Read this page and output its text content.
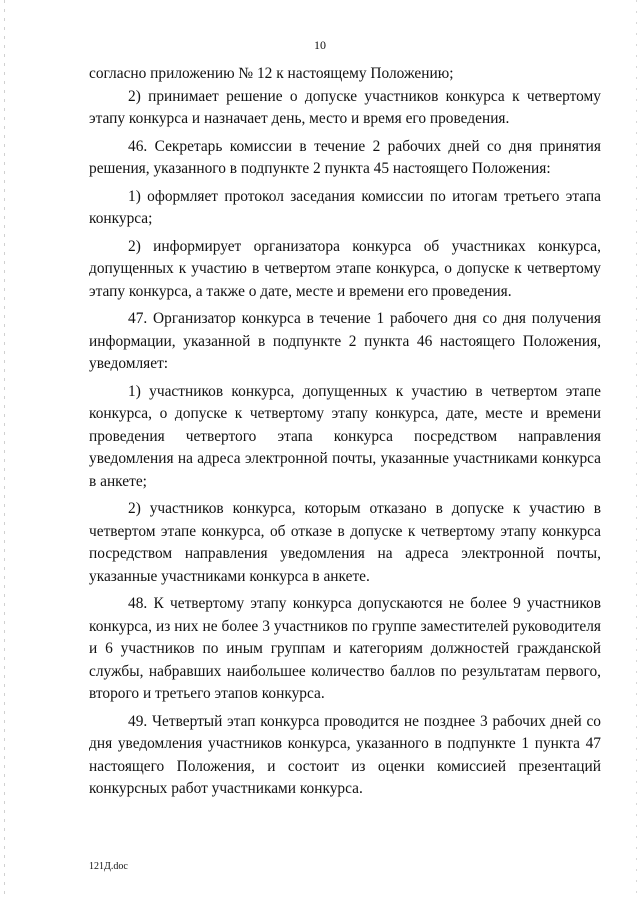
10

согласно приложению № 12 к настоящему Положению;

2) принимает решение о допуске участников конкурса к четвертому этапу конкурса и назначает день, место и время его проведения.

46. Секретарь комиссии в течение 2 рабочих дней со дня принятия решения, указанного в подпункте 2 пункта 45 настоящего Положения:

1) оформляет протокол заседания комиссии по итогам третьего этапа конкурса;

2) информирует организатора конкурса об участниках конкурса, допущенных к участию в четвертом этапе конкурса, о допуске к четвертому этапу конкурса, а также о дате, месте и времени его проведения.

47. Организатор конкурса в течение 1 рабочего дня со дня получения информации, указанной в подпункте 2 пункта 46 настоящего Положения, уведомляет:

1) участников конкурса, допущенных к участию в четвертом этапе конкурса, о допуске к четвертому этапу конкурса, дате, месте и времени проведения четвертого этапа конкурса посредством направления уведомления на адреса электронной почты, указанные участниками конкурса в анкете;

2) участников конкурса, которым отказано в допуске к участию в четвертом этапе конкурса, об отказе в допуске к четвертому этапу конкурса посредством направления уведомления на адреса электронной почты, указанные участниками конкурса в анкете.

48. К четвертому этапу конкурса допускаются не более 9 участников конкурса, из них не более 3 участников по группе заместителей руководителя и 6 участников по иным группам и категориям должностей гражданской службы, набравших наибольшее количество баллов по результатам первого, второго и третьего этапов конкурса.

49. Четвертый этап конкурса проводится не позднее 3 рабочих дней со дня уведомления участников конкурса, указанного в подпункте 1 пункта 47 настоящего Положения, и состоит из оценки комиссией презентаций конкурсных работ участниками конкурса.

121Д.doc
